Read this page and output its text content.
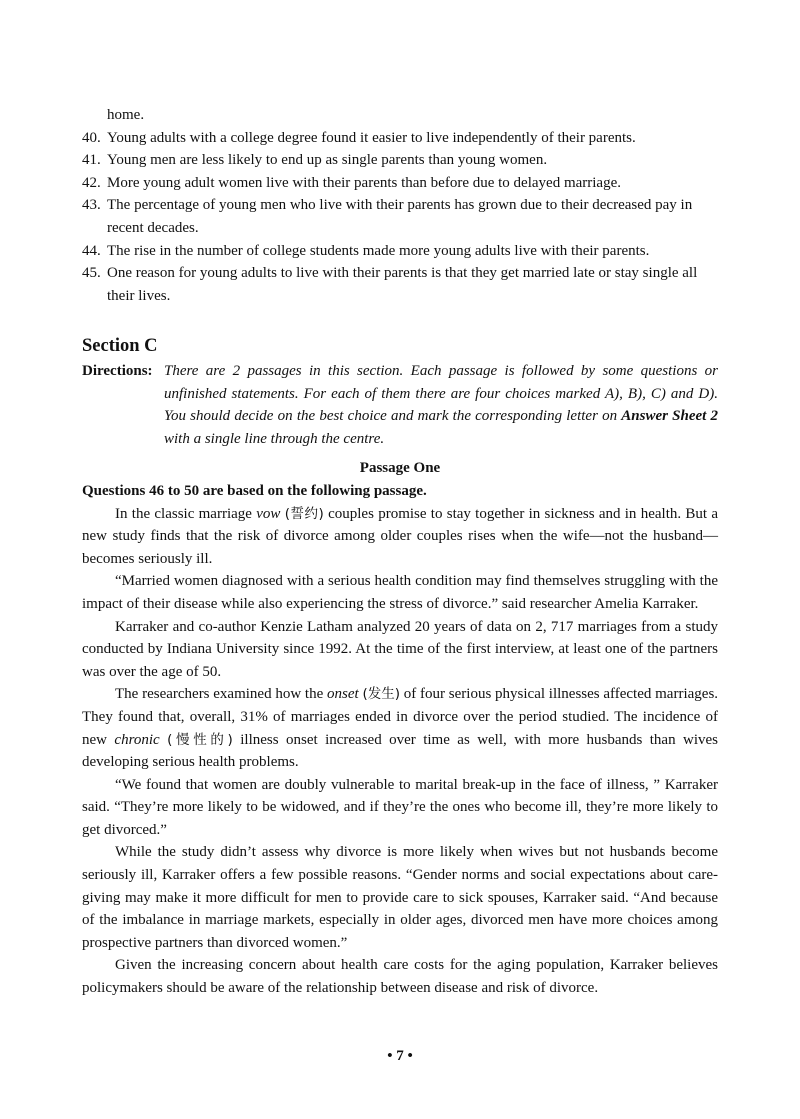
home.
40. Young adults with a college degree found it easier to live independently of their parents.
41. Young men are less likely to end up as single parents than young women.
42. More young adult women live with their parents than before due to delayed marriage.
43. The percentage of young men who live with their parents has grown due to their decreased pay in recent decades.
44. The rise in the number of college students made more young adults live with their parents.
45. One reason for young adults to live with their parents is that they get married late or stay single all their lives.
Section C
Directions: There are 2 passages in this section. Each passage is followed by some questions or unfinished statements. For each of them there are four choices marked A), B), C) and D). You should decide on the best choice and mark the corresponding letter on Answer Sheet 2 with a single line through the centre.
Passage One
Questions 46 to 50 are based on the following passage.

In the classic marriage vow (誓约) couples promise to stay together in sickness and in health. But a new study finds that the risk of divorce among older couples rises when the wife—not the husband—becomes seriously ill.

“Married women diagnosed with a serious health condition may find themselves struggling with the impact of their disease while also experiencing the stress of divorce.” said researcher Amelia Karraker.

Karraker and co-author Kenzie Latham analyzed 20 years of data on 2, 717 marriages from a study conducted by Indiana University since 1992. At the time of the first interview, at least one of the partners was over the age of 50.

The researchers examined how the onset (发生) of four serious physical illnesses affected marriages. They found that, overall, 31% of marriages ended in divorce over the period studied. The incidence of new chronic (慢性的) illness onset increased over time as well, with more husbands than wives developing serious health problems.

“We found that women are doubly vulnerable to marital break-up in the face of illness, ” Karraker said. “They’re more likely to be widowed, and if they’re the ones who become ill, they’re more likely to get divorced.”

While the study didn’t assess why divorce is more likely when wives but not husbands become seriously ill, Karraker offers a few possible reasons. “Gender norms and social expectations about care-giving may make it more difficult for men to provide care to sick spouses, Karraker said. “And because of the imbalance in marriage markets, especially in older ages, divorced men have more choices among prospective partners than divorced women.”

Given the increasing concern about health care costs for the aging population, Karraker believes policymakers should be aware of the relationship between disease and risk of divorce.

• 7 •
